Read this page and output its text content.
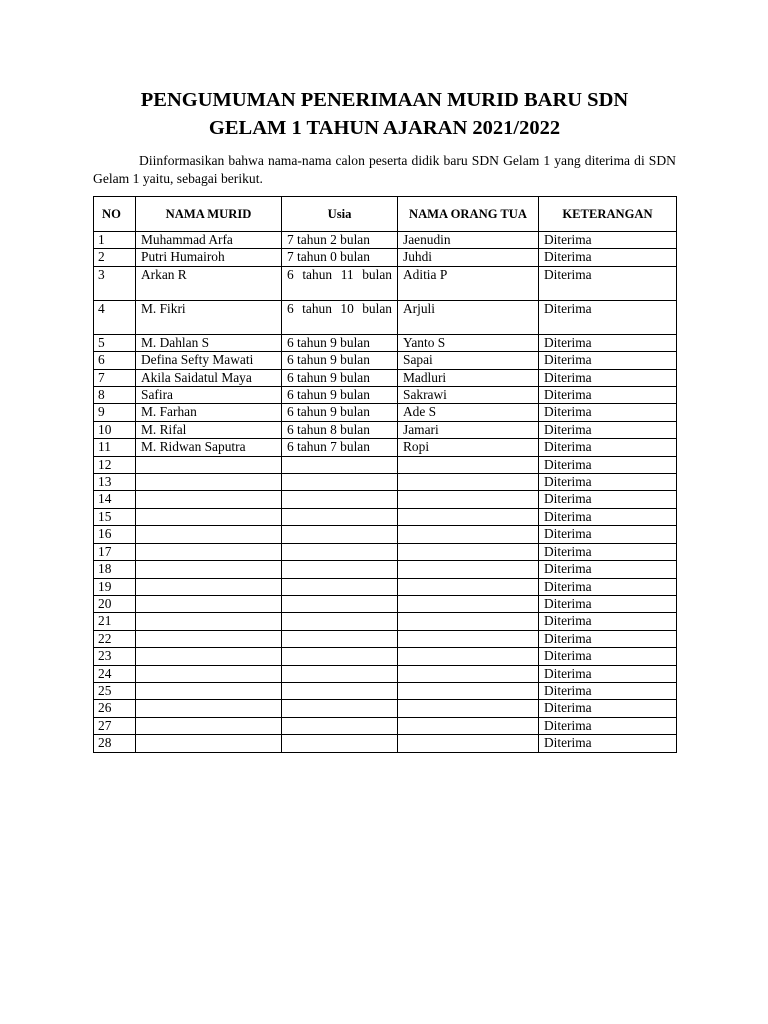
PENGUMUMAN PENERIMAAN MURID BARU SDN
GELAM 1 TAHUN AJARAN 2021/2022

Diinformasikan bahwa nama-nama calon peserta didik baru SDN Gelam 1 yang diterima di SDN Gelam 1 yaitu, sebagai berikut.

NO	NAMA MURID	Usia	NAMA ORANG TUA	KETERANGAN
1	Muhammad Arfa	7 tahun 2 bulan	Jaenudin	Diterima
2	Putri Humairoh	7 tahun 0 bulan	Juhdi	Diterima
3	Arkan R	6 tahun 11 bulan	Aditia P	Diterima
4	M. Fikri	6 tahun 10 bulan	Arjuli	Diterima
5	M. Dahlan S	6 tahun 9 bulan	Yanto S	Diterima
6	Defina Sefty Mawati	6 tahun 9 bulan	Sapai	Diterima
7	Akila Saidatul Maya	6 tahun 9 bulan	Madluri	Diterima
8	Safira	6 tahun 9 bulan	Sakrawi	Diterima
9	M. Farhan	6 tahun 9 bulan	Ade S	Diterima
10	M. Rifal	6 tahun 8 bulan	Jamari	Diterima
11	M. Ridwan Saputra	6 tahun 7 bulan	Ropi	Diterima
12				Diterima
13				Diterima
14				Diterima
15				Diterima
16				Diterima
17				Diterima
18				Diterima
19				Diterima
20				Diterima
21				Diterima
22				Diterima
23				Diterima
24				Diterima
25				Diterima
26				Diterima
27				Diterima
28				Diterima
